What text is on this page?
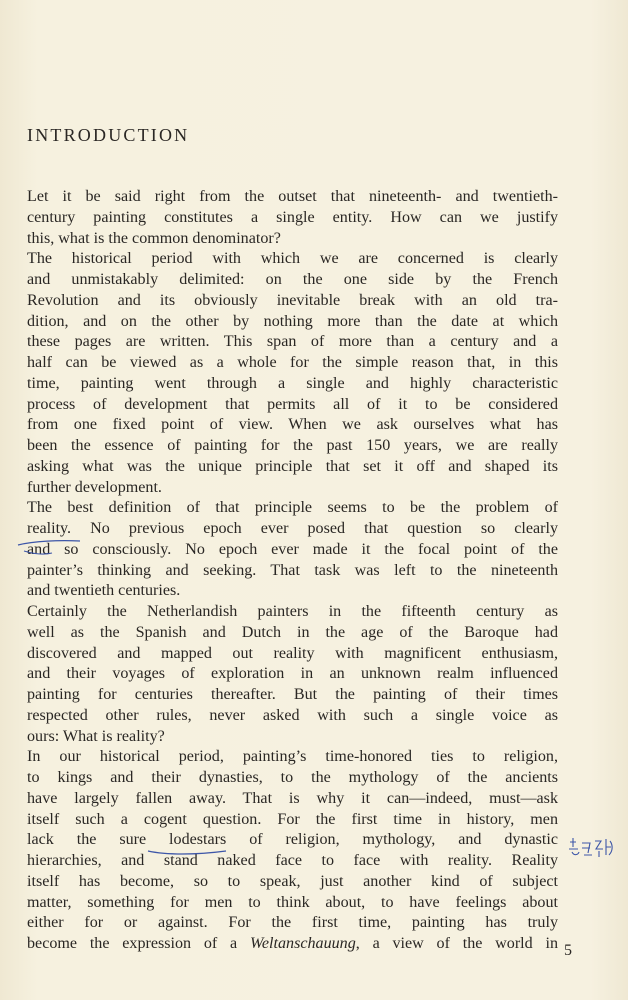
INTRODUCTION
Let it be said right from the outset that nineteenth- and twentieth-
century painting constitutes a single entity. How can we justify
this, what is the common denominator?
The historical period with which we are concerned is clearly
and unmistakably delimited: on the one side by the French
Revolution and its obviously inevitable break with an old tra-
dition, and on the other by nothing more than the date at which
these pages are written. This span of more than a century and a
half can be viewed as a whole for the simple reason that, in this
time, painting went through a single and highly characteristic
process of development that permits all of it to be considered
from one fixed point of view. When we ask ourselves what has
been the essence of painting for the past 150 years, we are really
asking what was the unique principle that set it off and shaped its
further development.
The best definition of that principle seems to be the problem of
reality. No previous epoch ever posed that question so clearly
and so consciously. No epoch ever made it the focal point of the
painter’s thinking and seeking. That task was left to the nineteenth
and twentieth centuries.
Certainly the Netherlandish painters in the fifteenth century as
well as the Spanish and Dutch in the age of the Baroque had
discovered and mapped out reality with magnificent enthusiasm,
and their voyages of exploration in an unknown realm influenced
painting for centuries thereafter. But the painting of their times
respected other rules, never asked with such a single voice as
ours: What is reality?
In our historical period, painting’s time-honored ties to religion,
to kings and their dynasties, to the mythology of the ancients
have largely fallen away. That is why it can—indeed, must—ask
itself such a cogent question. For the first time in history, men
lack the sure lodestars of religion, mythology, and dynastic
hierarchies, and stand naked face to face with reality. Reality
itself has become, so to speak, just another kind of subject
matter, something for men to think about, to have feelings about
either for or against. For the first time, painting has truly
become the expression of a Weltanschauung, a view of the world in 5
